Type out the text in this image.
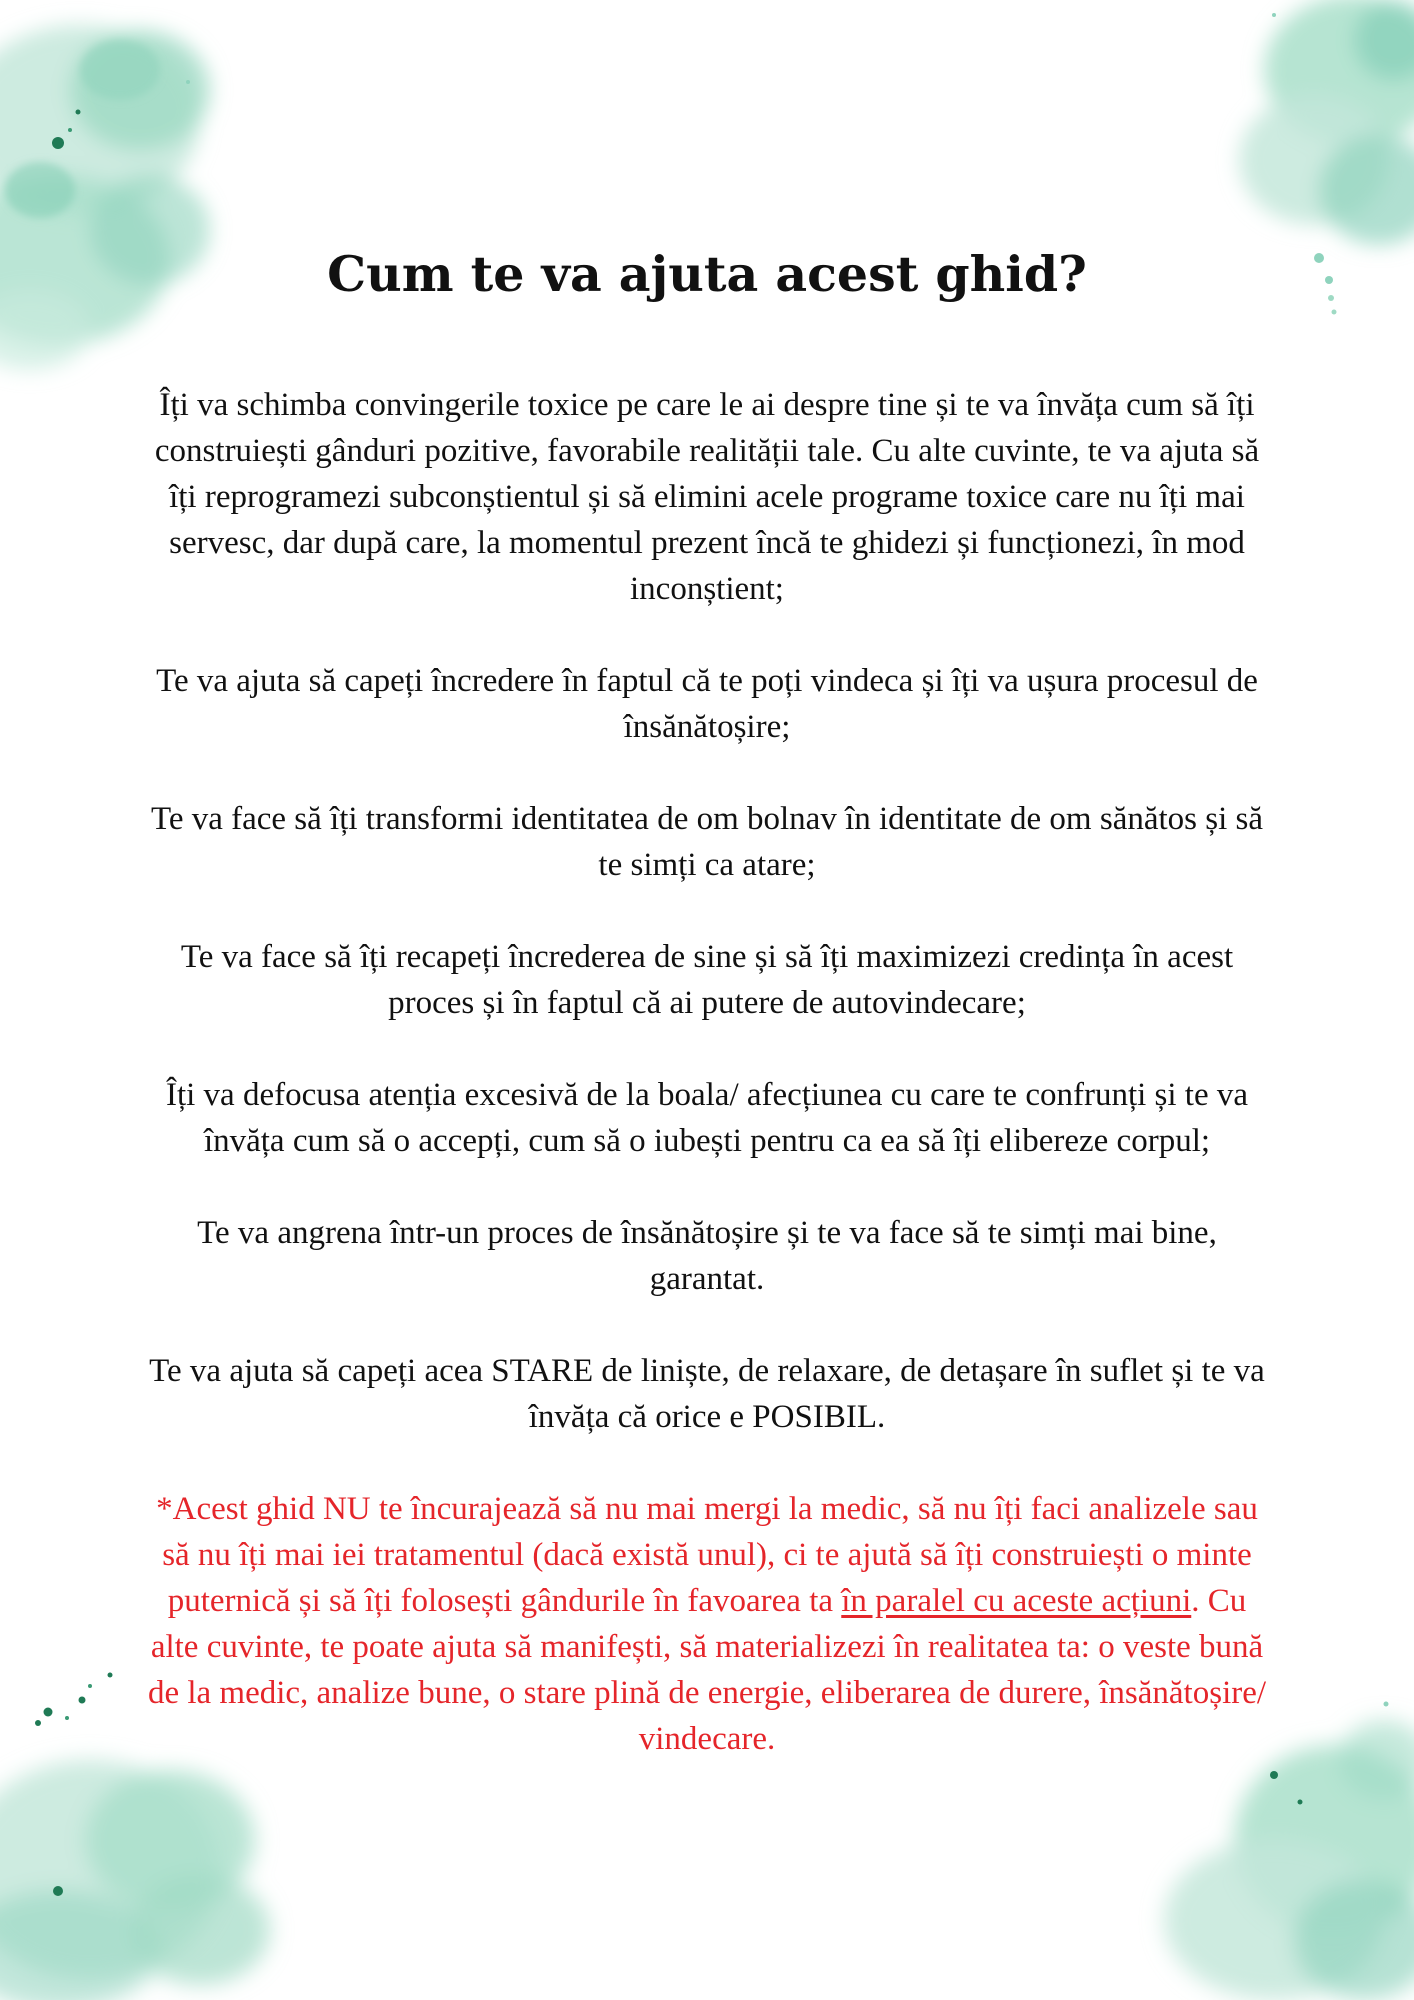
Cum te va ajuta acest ghid?

Îți va schimba convingerile toxice pe care le ai despre tine și te va învăța cum să îți construiești gânduri pozitive, favorabile realității tale. Cu alte cuvinte, te va ajuta să îți reprogramezi subconștientul și să elimini acele programe toxice care nu îți mai servesc, dar după care, la momentul prezent încă te ghidezi și funcționezi, în mod inconștient;

Te va ajuta să capeți încredere în faptul că te poți vindeca și îți va ușura procesul de însănătoșire;

Te va face să îți transformi identitatea de om bolnav în identitate de om sănătos și să te simți ca atare;

Te va face să îți recapeți încrederea de sine și să îți maximizezi credința în acest proces și în faptul că ai putere de autovindecare;

Îți va defocusa atenția excesivă de la boala/ afecțiunea cu care te confrunți și te va învăța cum să o accepți, cum să o iubești pentru ca ea să îți elibereze corpul;

Te va angrena într-un proces de însănătoșire și te va face să te simți mai bine, garantat.

Te va ajuta să capeți acea STARE de liniște, de relaxare, de detașare în suflet și te va învăța că orice e POSIBIL.

*Acest ghid NU te încurajează să nu mai mergi la medic, să nu îți faci analizele sau să nu îți mai iei tratamentul (dacă există unul), ci te ajută să îți construiești o minte puternică și să îți folosești gândurile în favoarea ta în paralel cu aceste acțiuni. Cu alte cuvinte, te poate ajuta să manifești, să materializezi în realitatea ta: o veste bună de la medic, analize bune, o stare plină de energie, eliberarea de durere, însănătoșire/ vindecare.
